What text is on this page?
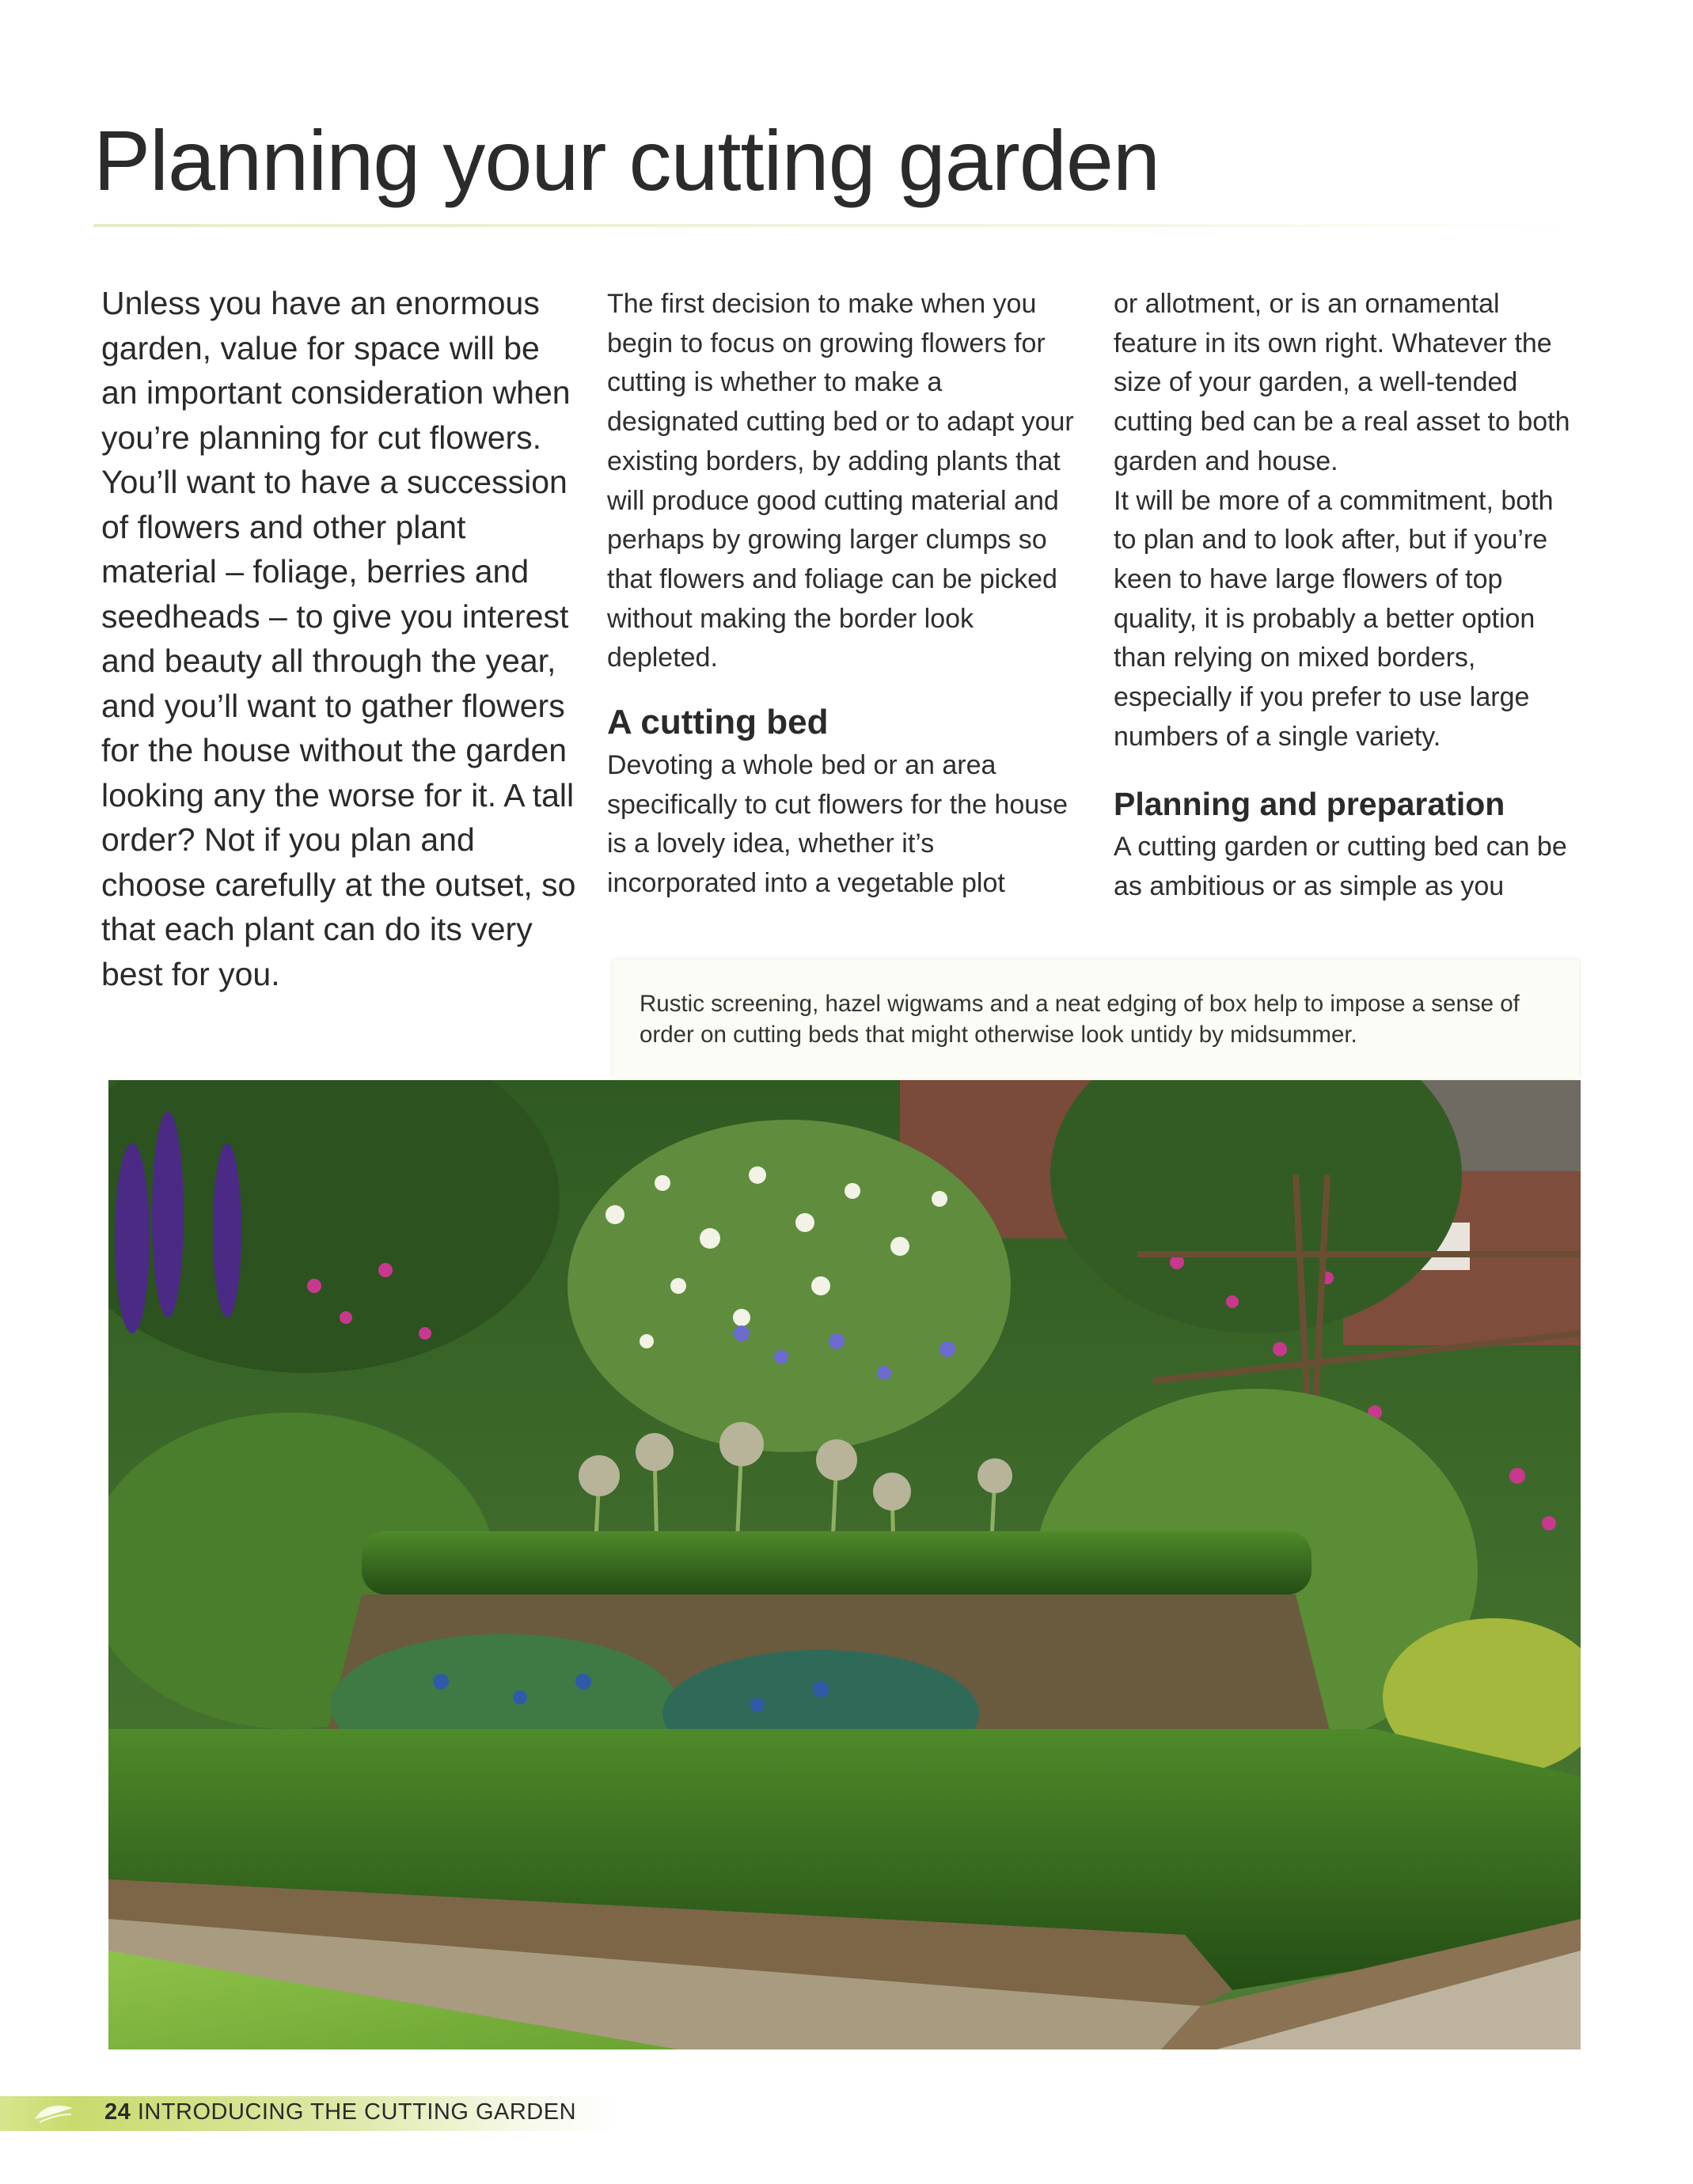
Planning your cutting garden

Unless you have an enormous garden, value for space will be an important consideration when you’re planning for cut flowers. You’ll want to have a succession of flowers and other plant material – foliage, berries and seedheads – to give you interest and beauty all through the year, and you’ll want to gather flowers for the house without the garden looking any the worse for it. A tall order? Not if you plan and choose carefully at the outset, so that each plant can do its very best for you.

The first decision to make when you begin to focus on growing flowers for cutting is whether to make a designated cutting bed or to adapt your existing borders, by adding plants that will produce good cutting material and perhaps by growing larger clumps so that flowers and foliage can be picked without making the border look depleted.

A cutting bed

Devoting a whole bed or an area specifically to cut flowers for the house is a lovely idea, whether it’s incorporated into a vegetable plot

or allotment, or is an ornamental feature in its own right. Whatever the size of your garden, a well-tended cutting bed can be a real asset to both garden and house.

It will be more of a commitment, both to plan and to look after, but if you’re keen to have large flowers of top quality, it is probably a better option than relying on mixed borders, especially if you prefer to use large numbers of a single variety.

Planning and preparation

A cutting garden or cutting bed can be as ambitious or as simple as you

Rustic screening, hazel wigwams and a neat edging of box help to impose a sense of order on cutting beds that might otherwise look untidy by midsummer.

24 INTRODUCING THE CUTTING GARDEN
